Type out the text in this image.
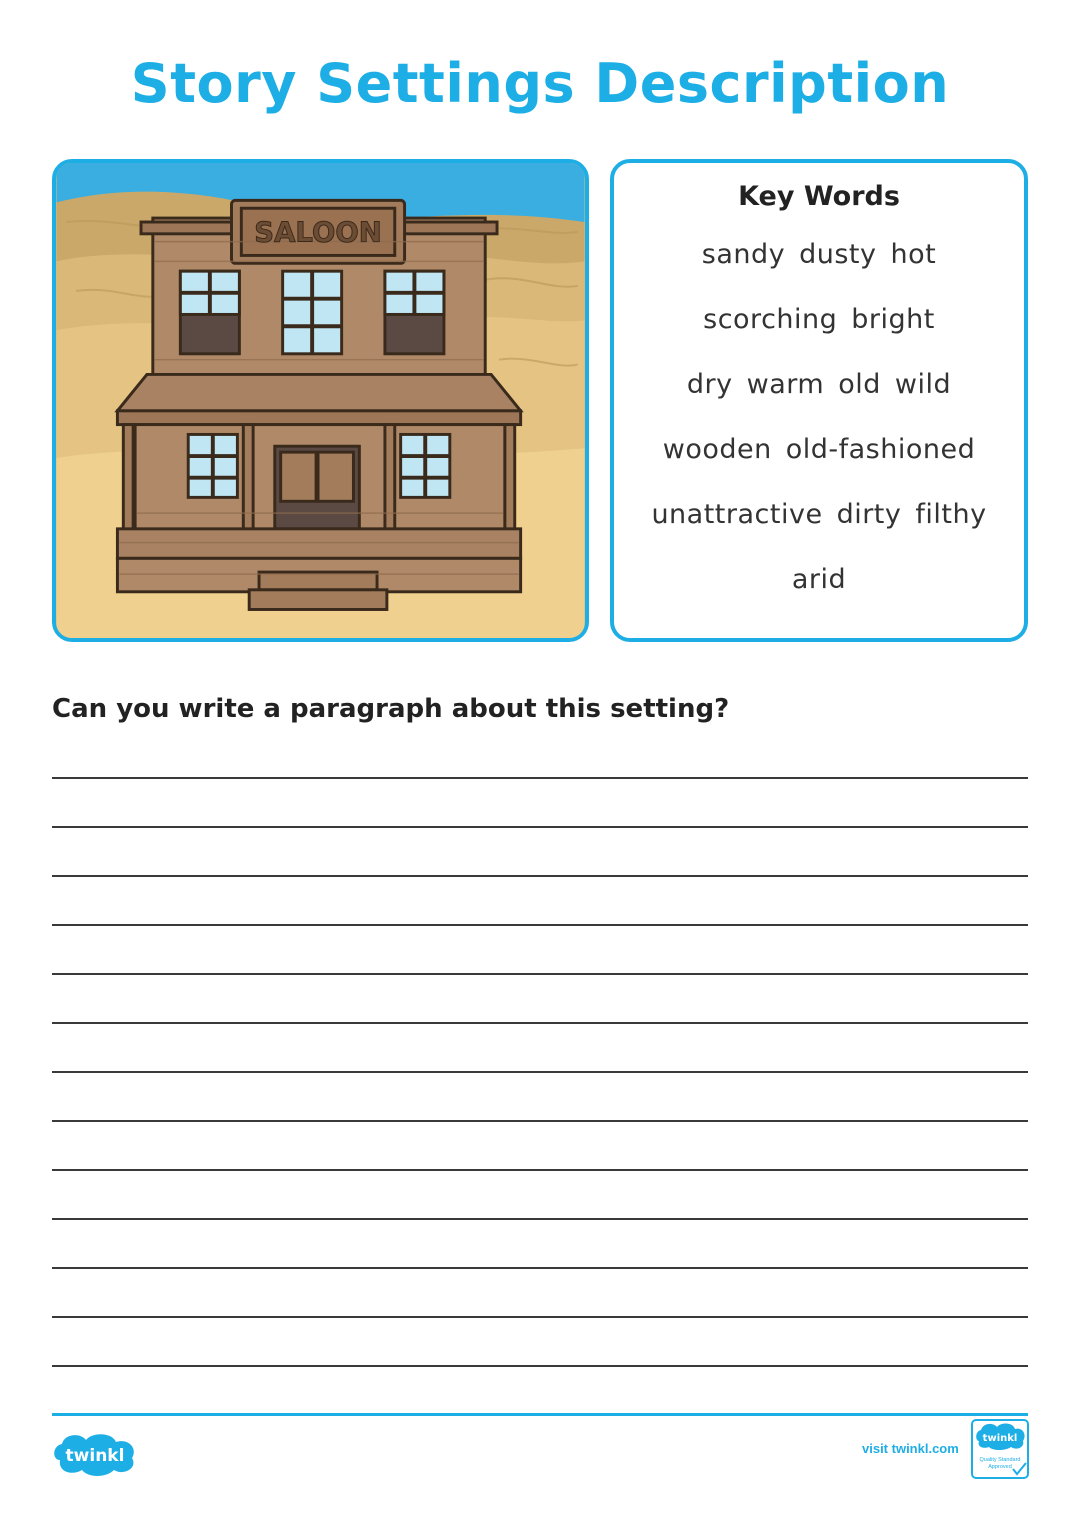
Story Settings Description
SALOON
Key Words
sandy dusty hot
scorching bright
dry warm old wild
wooden old-fashioned
unattractive dirty filthy
arid
Can you write a paragraph about this setting?
twinkl	visit twinkl.com
twinkl
Quality Standard
Approved
